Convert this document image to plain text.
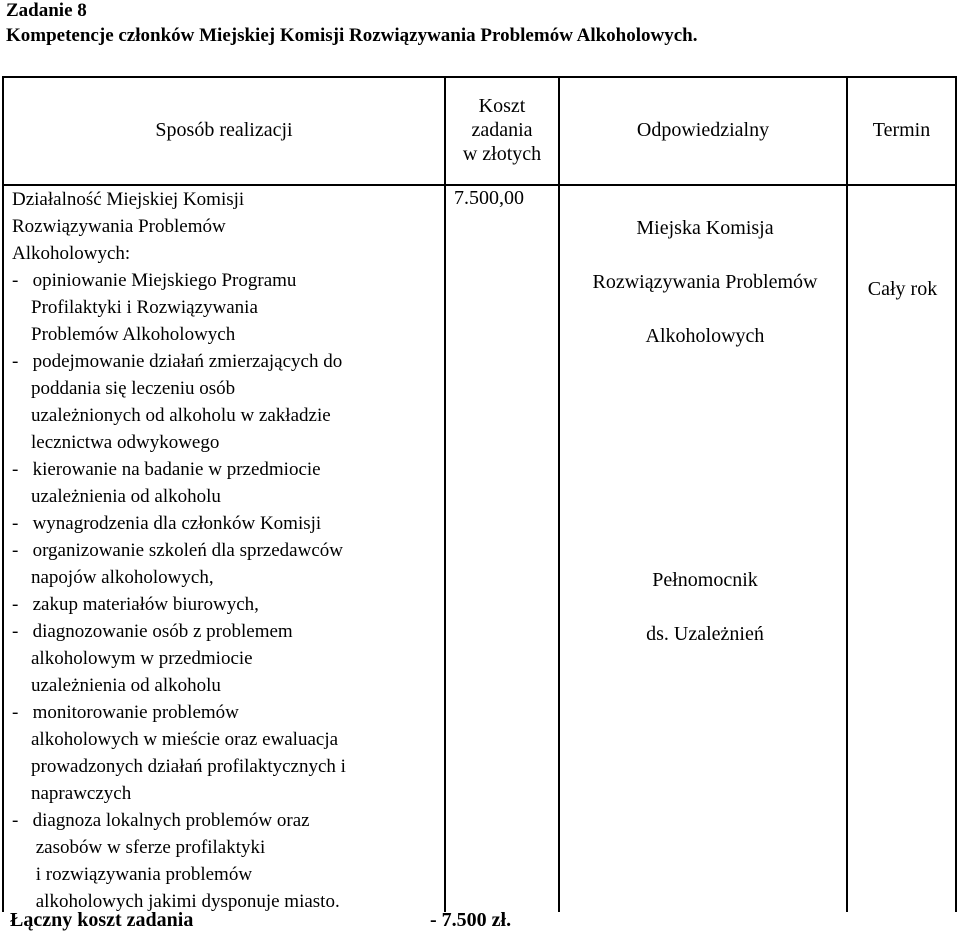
Zadanie 8
Kompetencje członków Miejskiej Komisji Rozwiązywania Problemów Alkoholowych.
Sposób realizacji
Koszt
zadania
w złotych
Odpowiedzialny	Termin
Działalność Miejskiej Komisji
Rozwiązywania Problemów
Alkoholowych:
-   opiniowanie Miejskiego Programu
Profilaktyki i Rozwiązywania
Problemów Alkoholowych
-   podejmowanie działań zmierzających do
poddania się leczeniu osób
uzależnionych od alkoholu w zakładzie
lecznictwa odwykowego
-   kierowanie na badanie w przedmiocie
uzależnienia od alkoholu
-   wynagrodzenia dla członków Komisji
-   organizowanie szkoleń dla sprzedawców
napojów alkoholowych,
-   zakup materiałów biurowych,
-   diagnozowanie osób z problemem
alkoholowym w przedmiocie
uzależnienia od alkoholu
-   monitorowanie problemów
alkoholowych w mieście oraz ewaluacja
prowadzonych działań profilaktycznych i
naprawczych
-   diagnoza lokalnych problemów oraz
zasobów w sferze profilaktyki
i rozwiązywania problemów
alkoholowych jakimi dysponuje miasto.
7.500,00
Miejska Komisja
Rozwiązywania Problemów
Alkoholowych
Pełnomocnik
ds. Uzależnień
Cały rok
Łączny koszt zadania	- 7.500 zł.
